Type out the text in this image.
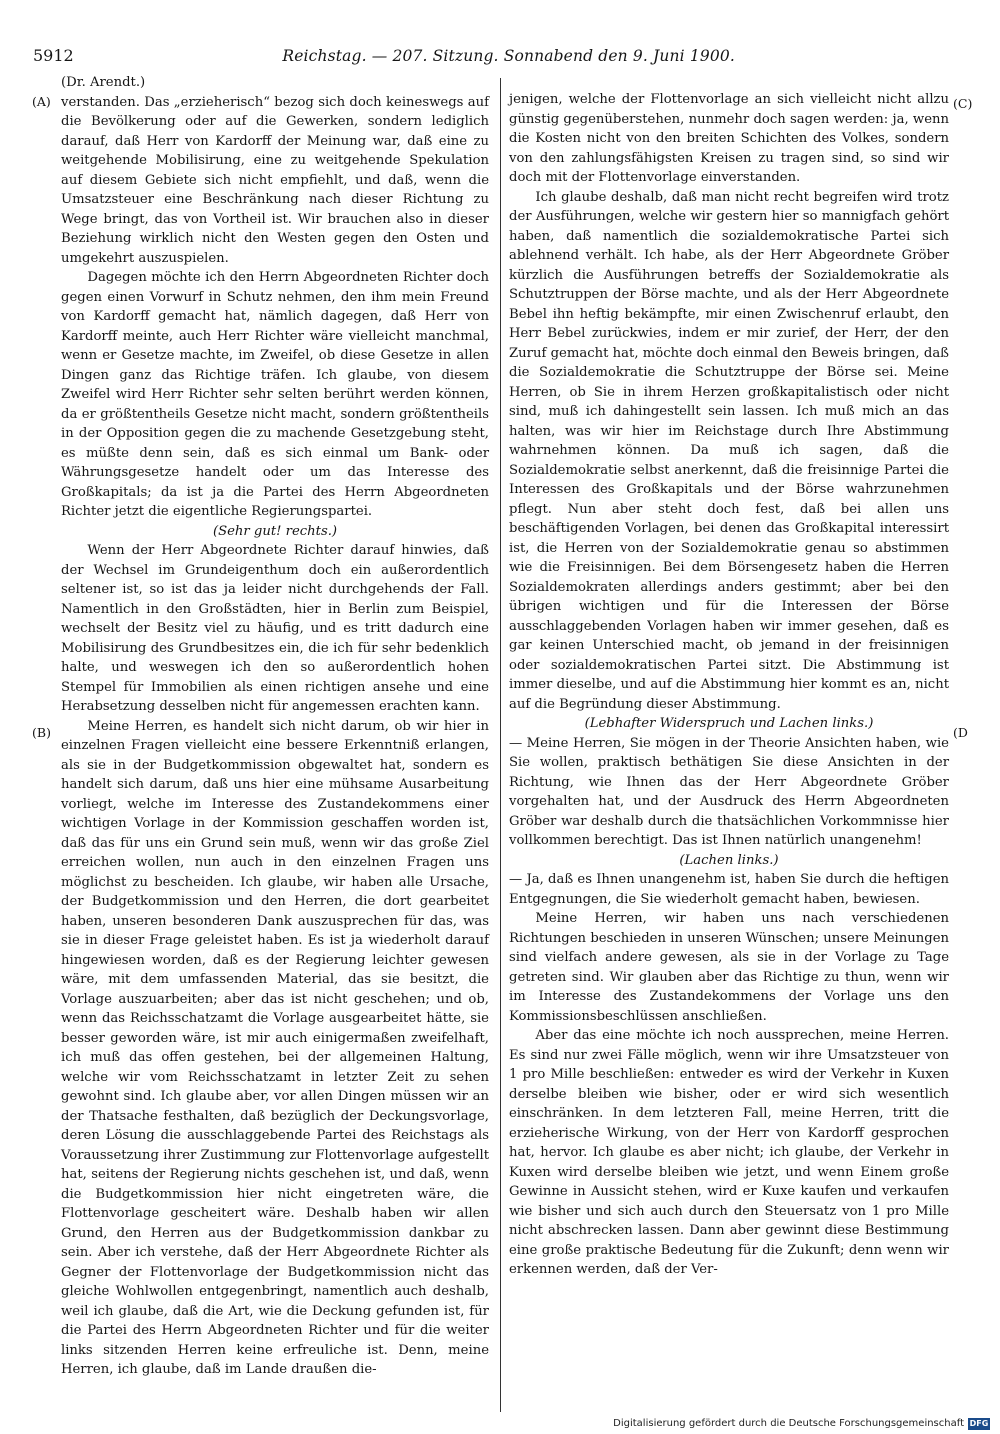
5912	Reichstag. — 207. Sitzung. Sonnabend den 9. Juni 1900.
(A)
(B)
(C)
(D

(Dr. Arendt.)

verstanden. Das „erzieherisch“ bezog sich doch keineswegs auf die Bevölkerung oder auf die Gewerken, sondern lediglich darauf, daß Herr von Kardorff der Meinung war, daß eine zu weitgehende Mobilisirung, eine zu weitgehende Spekulation auf diesem Gebiete sich nicht empfiehlt, und daß, wenn die Umsatzsteuer eine Beschränkung nach dieser Richtung zu Wege bringt, das von Vortheil ist. Wir brauchen also in dieser Beziehung wirklich nicht den Westen gegen den Osten und umgekehrt auszuspielen.

Dagegen möchte ich den Herrn Abgeordneten Richter doch gegen einen Vorwurf in Schutz nehmen, den ihm mein Freund von Kardorff gemacht hat, nämlich dagegen, daß Herr von Kardorff meinte, auch Herr Richter wäre vielleicht manchmal, wenn er Gesetze machte, im Zweifel, ob diese Gesetze in allen Dingen ganz das Richtige träfen. Ich glaube, von diesem Zweifel wird Herr Richter sehr selten berührt werden können, da er größtentheils Gesetze nicht macht, sondern größtentheils in der Opposition gegen die zu machende Gesetzgebung steht, es müßte denn sein, daß es sich einmal um Bank- oder Währungsgesetze handelt oder um das Interesse des Großkapitals; da ist ja die Partei des Herrn Abgeordneten Richter jetzt die eigentliche Regierungspartei.

(Sehr gut! rechts.)

Wenn der Herr Abgeordnete Richter darauf hinwies, daß der Wechsel im Grundeigenthum doch ein außerordentlich seltener ist, so ist das ja leider nicht durchgehends der Fall. Namentlich in den Großstädten, hier in Berlin zum Beispiel, wechselt der Besitz viel zu häufig, und es tritt dadurch eine Mobilisirung des Grundbesitzes ein, die ich für sehr bedenklich halte, und weswegen ich den so außerordentlich hohen Stempel für Immobilien als einen richtigen ansehe und eine Herabsetzung desselben nicht für angemessen erachten kann.

Meine Herren, es handelt sich nicht darum, ob wir hier in einzelnen Fragen vielleicht eine bessere Erkenntniß erlangen, als sie in der Budgetkommission obgewaltet hat, sondern es handelt sich darum, daß uns hier eine mühsame Ausarbeitung vorliegt, welche im Interesse des Zustandekommens einer wichtigen Vorlage in der Kommission geschaffen worden ist, daß das für uns ein Grund sein muß, wenn wir das große Ziel erreichen wollen, nun auch in den einzelnen Fragen uns möglichst zu bescheiden. Ich glaube, wir haben alle Ursache, der Budgetkommission und den Herren, die dort gearbeitet haben, unseren besonderen Dank auszusprechen für das, was sie in dieser Frage geleistet haben. Es ist ja wiederholt darauf hingewiesen worden, daß es der Regierung leichter gewesen wäre, mit dem umfassenden Material, das sie besitzt, die Vorlage auszuarbeiten; aber das ist nicht geschehen; und ob, wenn das Reichsschatzamt die Vorlage ausgearbeitet hätte, sie besser geworden wäre, ist mir auch einigermaßen zweifelhaft, ich muß das offen gestehen, bei der allgemeinen Haltung, welche wir vom Reichsschatzamt in letzter Zeit zu sehen gewohnt sind. Ich glaube aber, vor allen Dingen müssen wir an der Thatsache festhalten, daß bezüglich der Deckungsvorlage, deren Lösung die ausschlaggebende Partei des Reichstags als Voraussetzung ihrer Zustimmung zur Flottenvorlage aufgestellt hat, seitens der Regierung nichts geschehen ist, und daß, wenn die Budgetkommission hier nicht eingetreten wäre, die Flottenvorlage gescheitert wäre. Deshalb haben wir allen Grund, den Herren aus der Budgetkommission dankbar zu sein. Aber ich verstehe, daß der Herr Abgeordnete Richter als Gegner der Flottenvorlage der Budgetkommission nicht das gleiche Wohlwollen entgegenbringt, namentlich auch deshalb, weil ich glaube, daß die Art, wie die Deckung gefunden ist, für die Partei des Herrn Abgeordneten Richter und für die weiter links sitzenden Herren keine erfreuliche ist. Denn, meine Herren, ich glaube, daß im Lande draußen die-

jenigen, welche der Flottenvorlage an sich vielleicht nicht allzu günstig gegenüberstehen, nunmehr doch sagen werden: ja, wenn die Kosten nicht von den breiten Schichten des Volkes, sondern von den zahlungsfähigsten Kreisen zu tragen sind, so sind wir doch mit der Flottenvorlage einverstanden.

Ich glaube deshalb, daß man nicht recht begreifen wird trotz der Ausführungen, welche wir gestern hier so mannigfach gehört haben, daß namentlich die sozialdemokratische Partei sich ablehnend verhält. Ich habe, als der Herr Abgeordnete Gröber kürzlich die Ausführungen betreffs der Sozialdemokratie als Schutztruppen der Börse machte, und als der Herr Abgeordnete Bebel ihn heftig bekämpfte, mir einen Zwischenruf erlaubt, den Herr Bebel zurückwies, indem er mir zurief, der Herr, der den Zuruf gemacht hat, möchte doch einmal den Beweis bringen, daß die Sozialdemokratie die Schutztruppe der Börse sei. Meine Herren, ob Sie in ihrem Herzen großkapitalistisch oder nicht sind, muß ich dahingestellt sein lassen. Ich muß mich an das halten, was wir hier im Reichstage durch Ihre Abstimmung wahrnehmen können. Da muß ich sagen, daß die Sozialdemokratie selbst anerkennt, daß die freisinnige Partei die Interessen des Großkapitals und der Börse wahrzunehmen pflegt. Nun aber steht doch fest, daß bei allen uns beschäftigenden Vorlagen, bei denen das Großkapital interessirt ist, die Herren von der Sozialdemokratie genau so abstimmen wie die Freisinnigen. Bei dem Börsengesetz haben die Herren Sozialdemokraten allerdings anders gestimmt; aber bei den übrigen wichtigen und für die Interessen der Börse ausschlaggebenden Vorlagen haben wir immer gesehen, daß es gar keinen Unterschied macht, ob jemand in der freisinnigen oder sozialdemokratischen Partei sitzt. Die Abstimmung ist immer dieselbe, und auf die Abstimmung hier kommt es an, nicht auf die Begründung dieser Abstimmung.

(Lebhafter Widerspruch und Lachen links.)

— Meine Herren, Sie mögen in der Theorie Ansichten haben, wie Sie wollen, praktisch bethätigen Sie diese Ansichten in der Richtung, wie Ihnen das der Herr Abgeordnete Gröber vorgehalten hat, und der Ausdruck des Herrn Abgeordneten Gröber war deshalb durch die thatsächlichen Vorkommnisse hier vollkommen berechtigt. Das ist Ihnen natürlich unangenehm!

(Lachen links.)

— Ja, daß es Ihnen unangenehm ist, haben Sie durch die heftigen Entgegnungen, die Sie wiederholt gemacht haben, bewiesen.

Meine Herren, wir haben uns nach verschiedenen Richtungen beschieden in unseren Wünschen; unsere Meinungen sind vielfach andere gewesen, als sie in der Vorlage zu Tage getreten sind. Wir glauben aber das Richtige zu thun, wenn wir im Interesse des Zustandekommens der Vorlage uns den Kommissionsbeschlüssen anschließen.

Aber das eine möchte ich noch aussprechen, meine Herren. Es sind nur zwei Fälle möglich, wenn wir ihre Umsatzsteuer von 1 pro Mille beschließen: entweder es wird der Verkehr in Kuxen derselbe bleiben wie bisher, oder er wird sich wesentlich einschränken. In dem letzteren Fall, meine Herren, tritt die erzieherische Wirkung, von der Herr von Kardorff gesprochen hat, hervor. Ich glaube es aber nicht; ich glaube, der Verkehr in Kuxen wird derselbe bleiben wie jetzt, und wenn Einem große Gewinne in Aussicht stehen, wird er Kuxe kaufen und verkaufen wie bisher und sich auch durch den Steuersatz von 1 pro Mille nicht abschrecken lassen. Dann aber gewinnt diese Bestimmung eine große praktische Bedeutung für die Zukunft; denn wenn wir erkennen werden, daß der Ver-

Digitalisierung gefördert durch die Deutsche Forschungsgemeinschaft DFG
